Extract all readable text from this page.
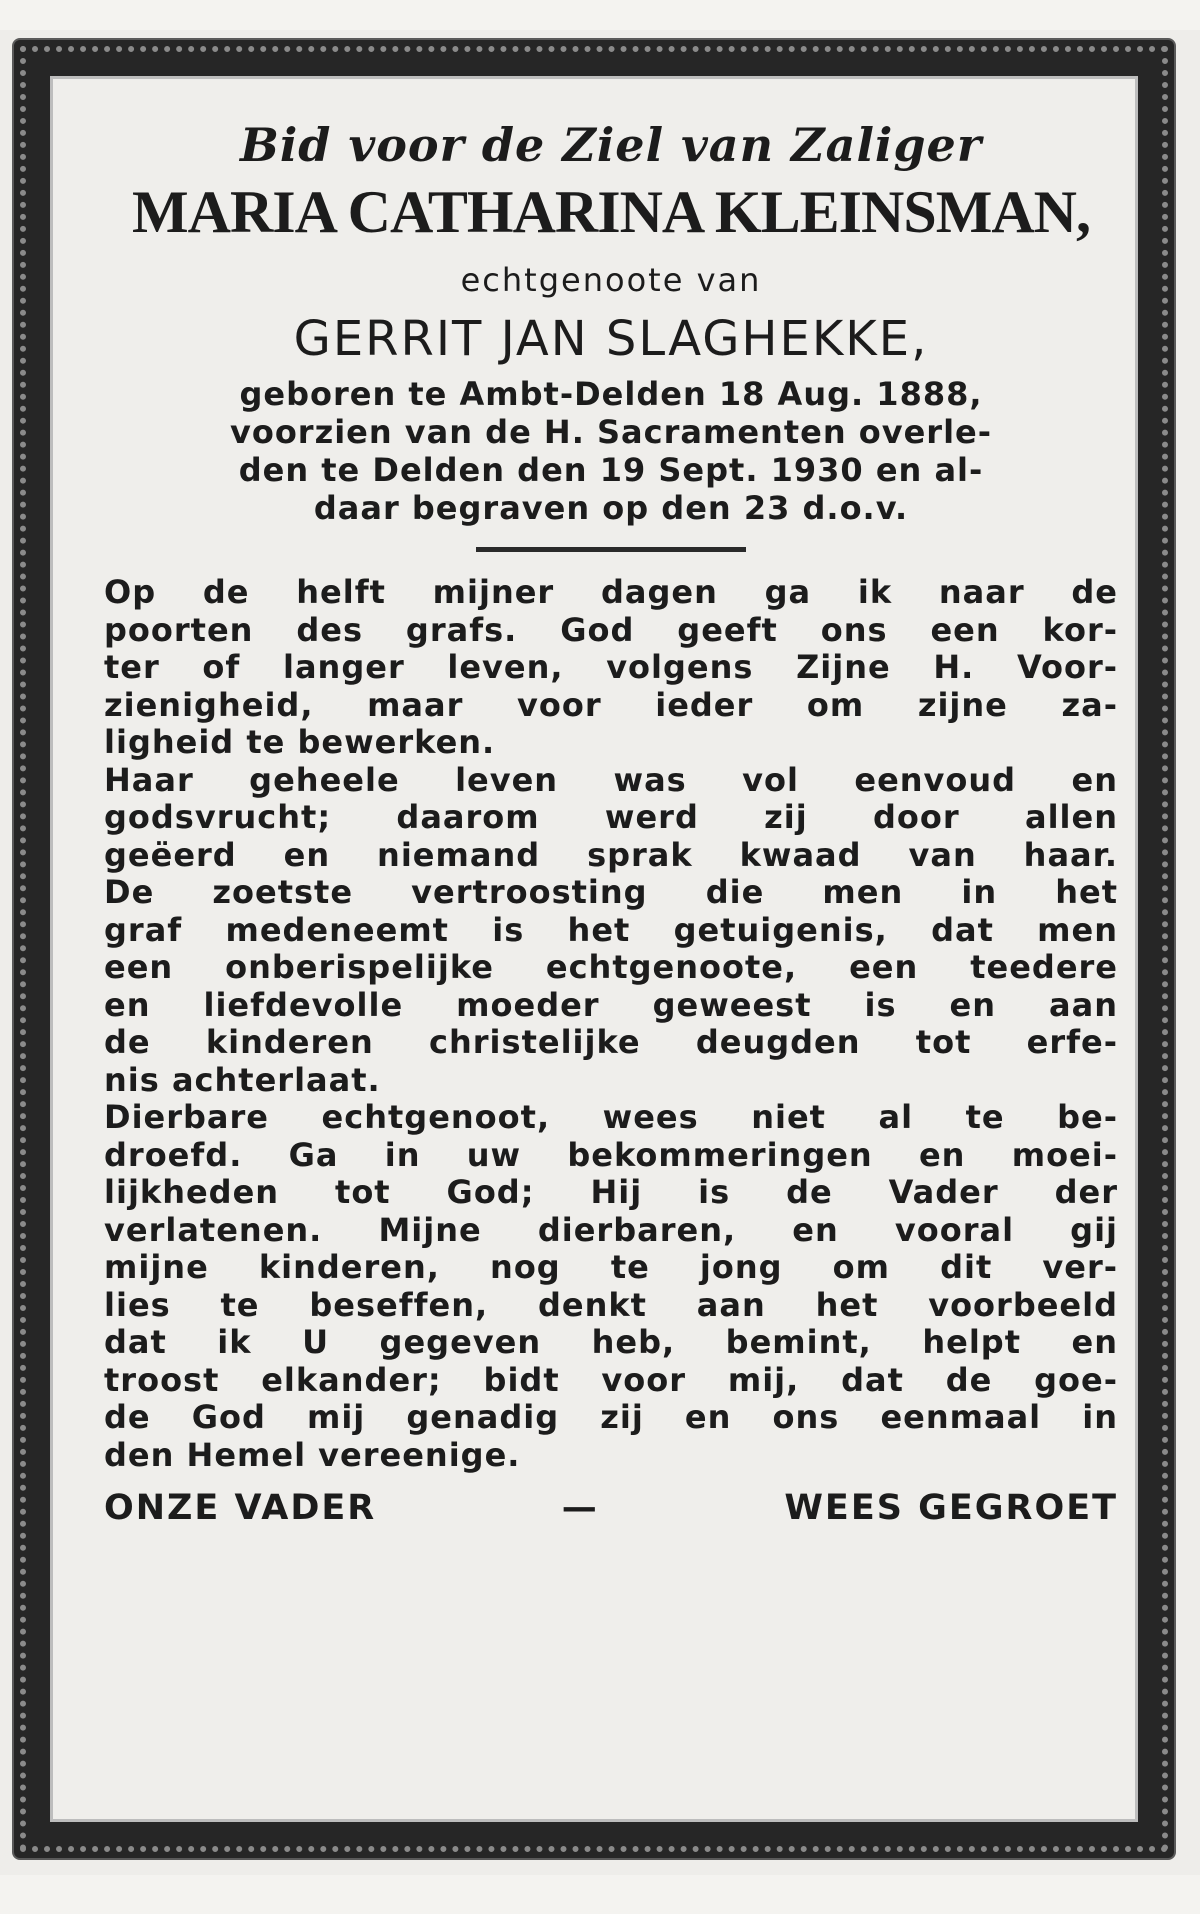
Bid voor de Ziel van Zaliger
MARIA CATHARINA KLEINSMAN,
echtgenoote van
GERRIT JAN SLAGHEKKE,
geboren te Ambt-Delden 18 Aug. 1888,
voorzien van de H. Sacramenten overle-
den te Delden den 19 Sept. 1930 en al-
daar begraven op den 23 d.o.v.
Op de helft mijner dagen ga ik naar de
poorten des grafs. God geeft ons een kor-
ter of langer leven, volgens Zijne H. Voor-
zienigheid, maar voor ieder om zijne za-
ligheid te bewerken.
Haar geheele leven was vol eenvoud en
godsvrucht; daarom werd zij door allen
geëerd en niemand sprak kwaad van haar.
De zoetste vertroosting die men in het
graf medeneemt is het getuigenis, dat men
een onberispelijke echtgenoote, een teedere
en liefdevolle moeder geweest is en aan
de kinderen christelijke deugden tot erfe-
nis achterlaat.
Dierbare echtgenoot, wees niet al te be-
droefd. Ga in uw bekommeringen en moei-
lijkheden tot God; Hij is de Vader der
verlatenen. Mijne dierbaren, en vooral gij
mijne kinderen, nog te jong om dit ver-
lies te beseffen, denkt aan het voorbeeld
dat ik U gegeven heb, bemint, helpt en
troost elkander; bidt voor mij, dat de goe-
de God mij genadig zij en ons eenmaal in
den Hemel vereenige.
ONZE VADER	—	WEES GEGROET
